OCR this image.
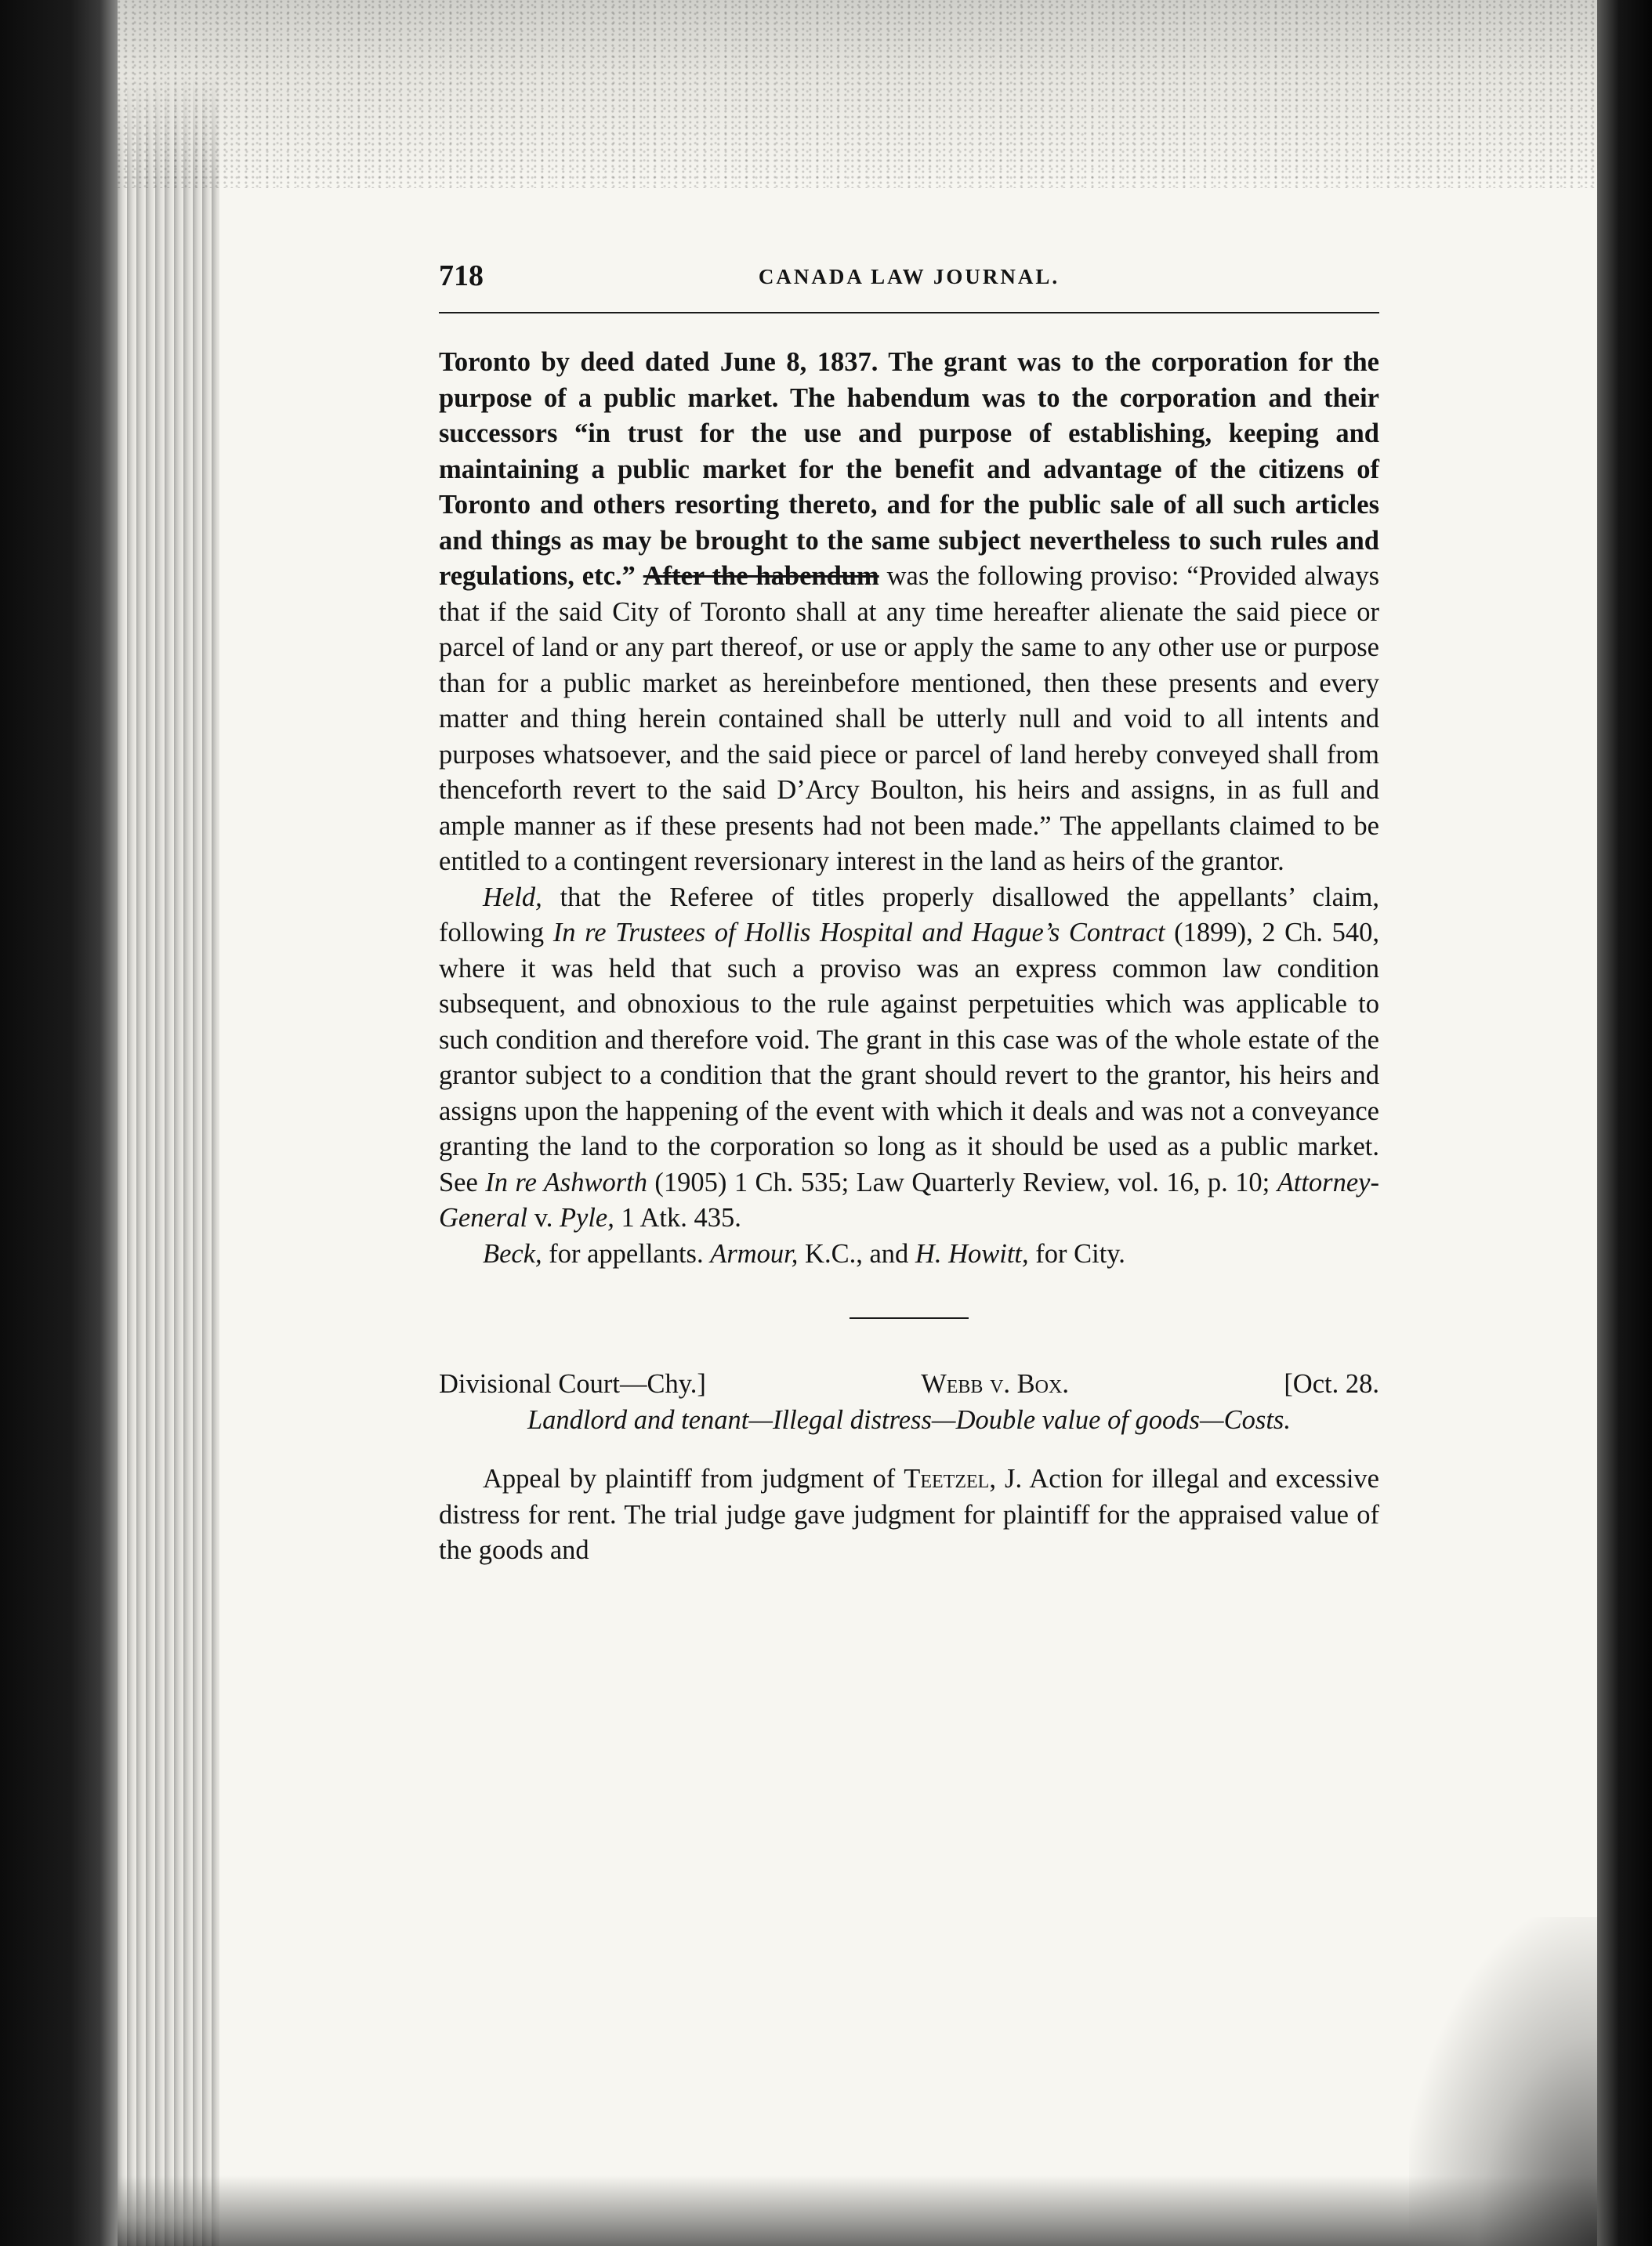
718	CANADA LAW JOURNAL.

Toronto by deed dated June 8, 1837. The grant was to the corporation for the purpose of a public market. The habendum was to the corporation and their successors “in trust for the use and purpose of establishing, keeping and maintaining a public market for the benefit and advantage of the citizens of Toronto and others resorting thereto, and for the public sale of all such articles and things as may be brought to the same subject nevertheless to such rules and regulations, etc.” After the habendum was the following proviso: “Provided always that if the said City of Toronto shall at any time hereafter alienate the said piece or parcel of land or any part thereof, or use or apply the same to any other use or purpose than for a public market as hereinbefore mentioned, then these presents and every matter and thing herein contained shall be utterly null and void to all intents and purposes whatsoever, and the said piece or parcel of land hereby conveyed shall from thenceforth revert to the said D’Arcy Boulton, his heirs and assigns, in as full and ample manner as if these presents had not been made.” The appellants claimed to be entitled to a contingent reversionary interest in the land as heirs of the grantor.

Held, that the Referee of titles properly disallowed the appellants’ claim, following In re Trustees of Hollis Hospital and Hague’s Contract (1899), 2 Ch. 540, where it was held that such a proviso was an express common law condition subsequent, and obnoxious to the rule against perpetuities which was applicable to such condition and therefore void. The grant in this case was of the whole estate of the grantor subject to a condition that the grant should revert to the grantor, his heirs and assigns upon the happening of the event with which it deals and was not a conveyance granting the land to the corporation so long as it should be used as a public market. See In re Ashworth (1905) 1 Ch. 535; Law Quarterly Review, vol. 16, p. 10; Attorney-General v. Pyle, 1 Atk. 435.

Beck, for appellants. Armour, K.C., and H. Howitt, for City.

Divisional Court—Chy.]	Webb v. Box.	[Oct. 28.

Landlord and tenant—Illegal distress—Double value of goods—Costs.

Appeal by plaintiff from judgment of Teetzel, J. Action for illegal and excessive distress for rent. The trial judge gave judgment for plaintiff for the appraised value of the goods and
